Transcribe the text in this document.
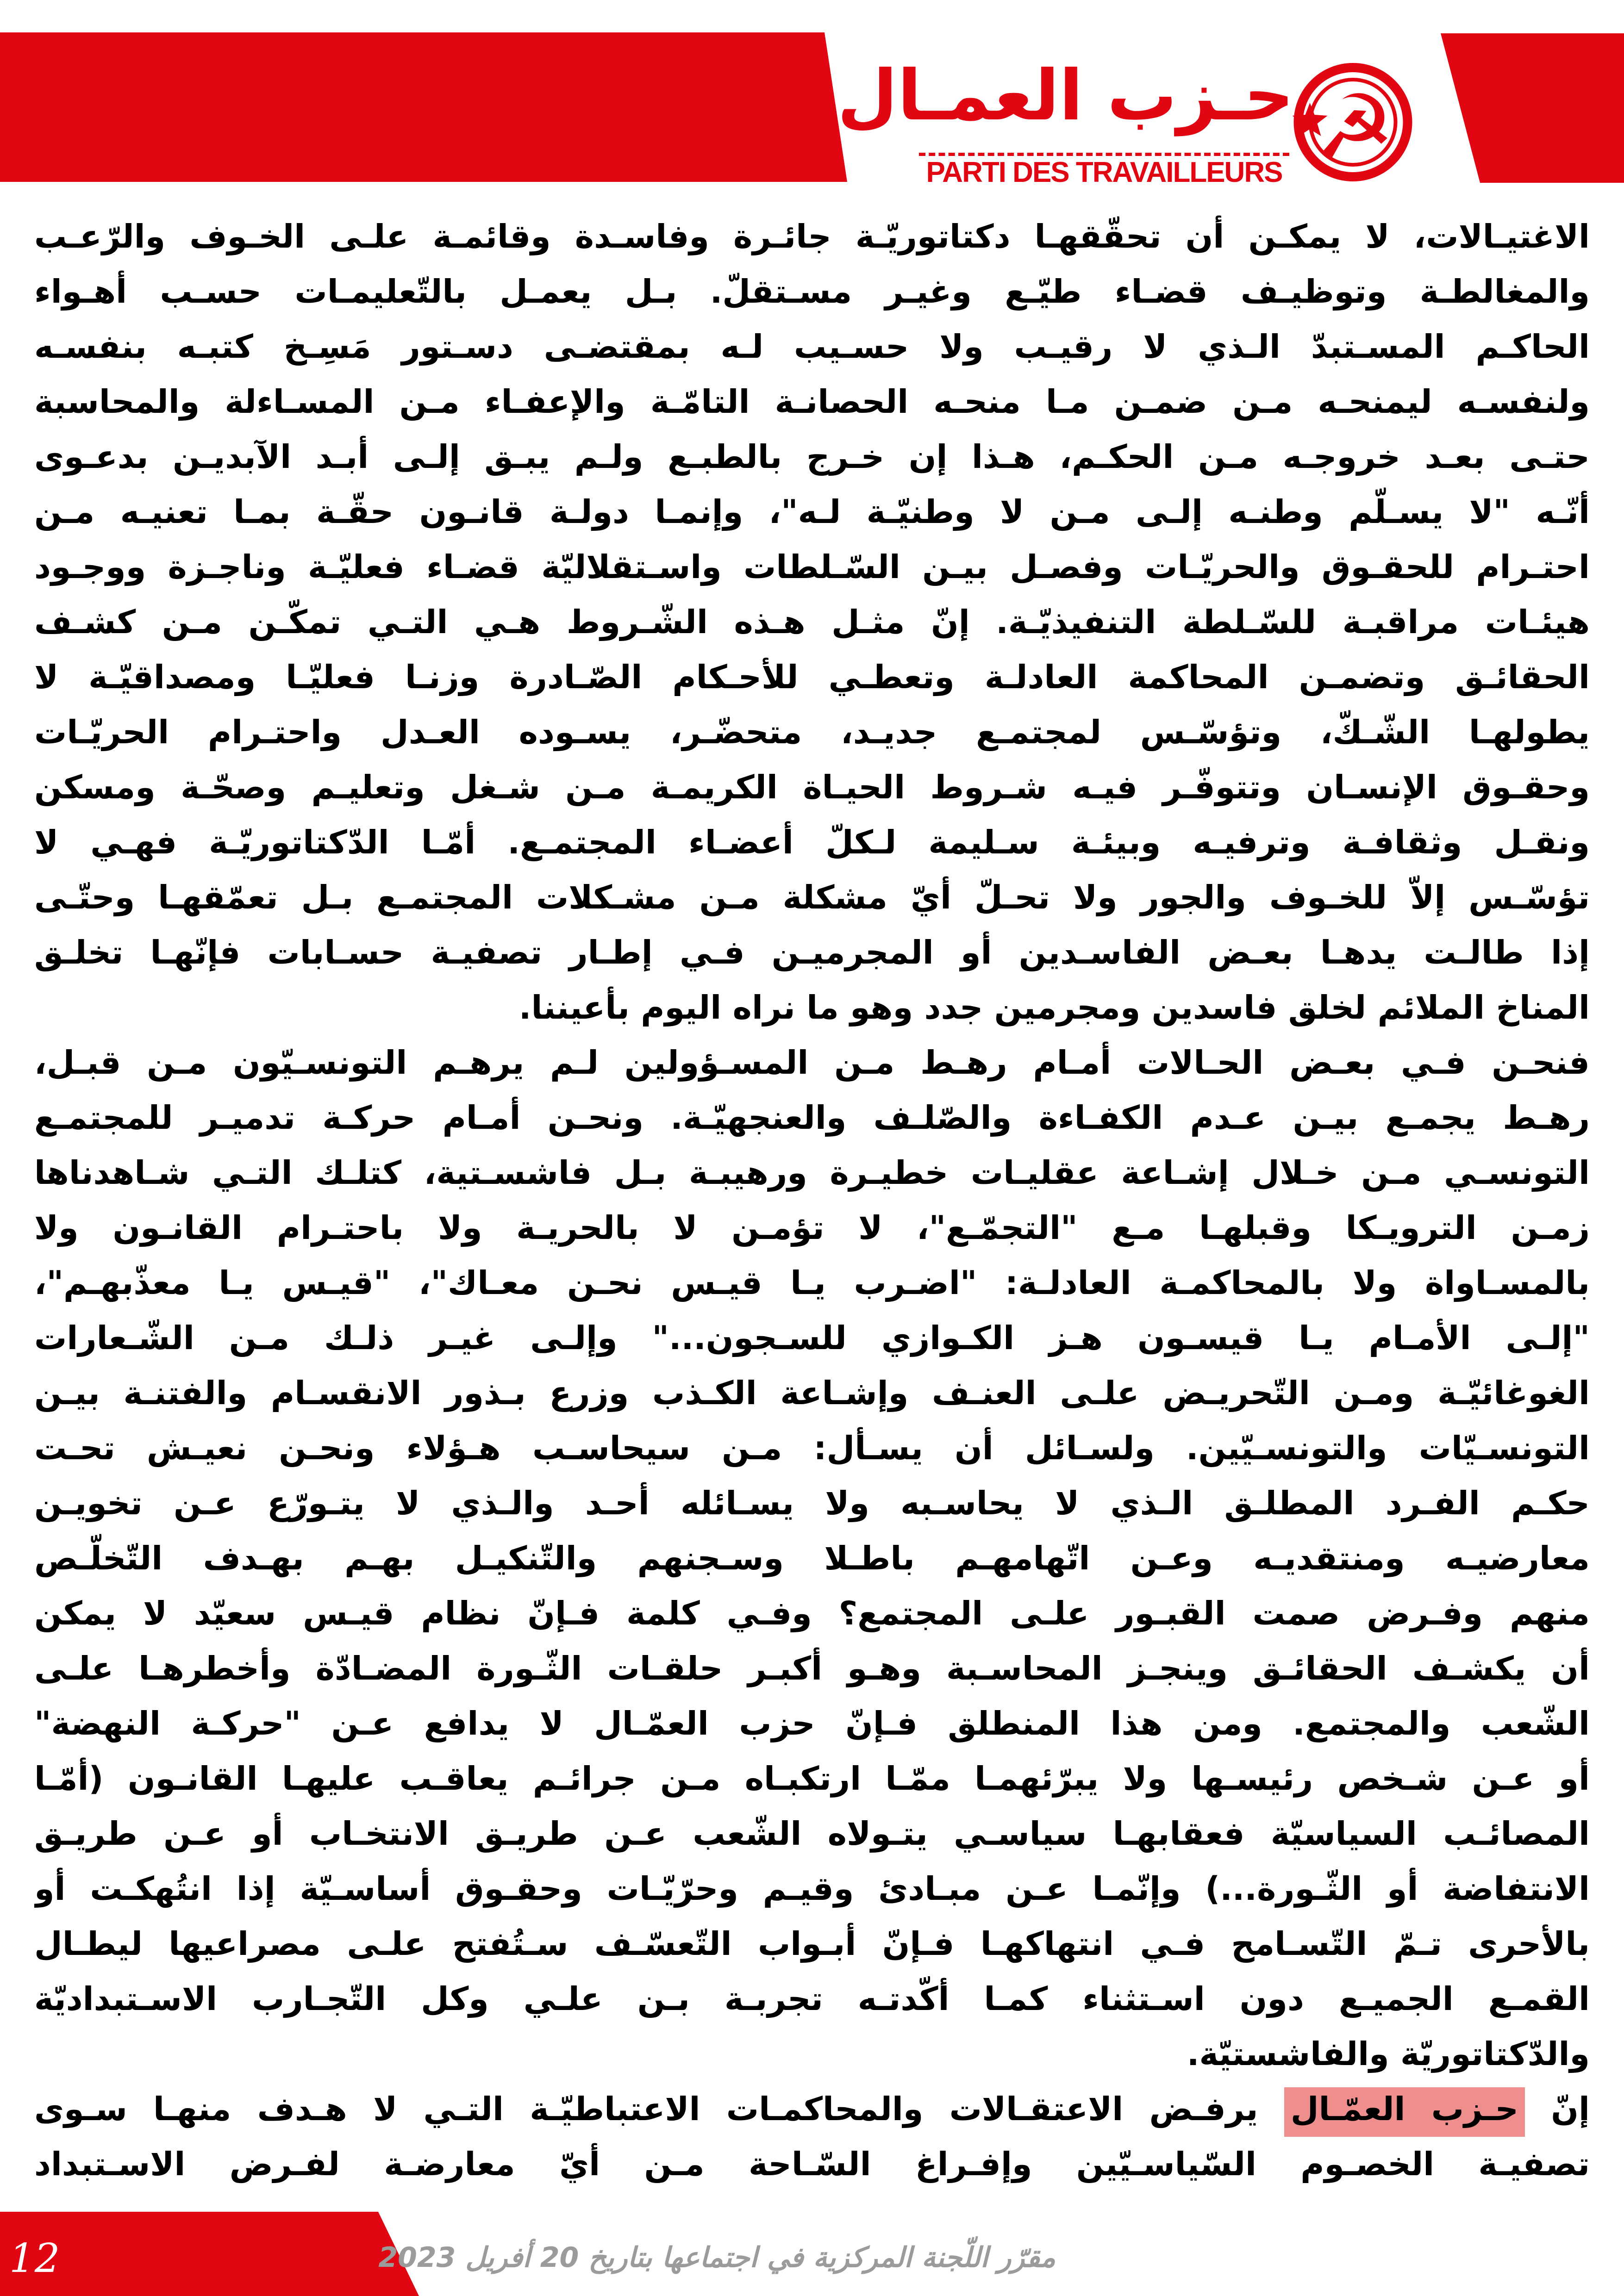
حـزب العمـال
PARTI DES TRAVAILLEURS ☭
الاغتيـالات، لا يمكـن أن تحقّقهـا دكتاتوريّـة جائـرة وفاسـدة وقائمـة علـى الخـوف والرّعـب
والمغالطـة وتوظيـف قضـاء طيّـع وغيـر مسـتقلّ. بـل يعمـل بالتّعليمـات حسـب أهـواء
الحاكـم المسـتبدّ الـذي لا رقيـب ولا حسـيب لـه بمقتضـى دسـتور مَسِـخ كتبـه بنفسـه
ولنفسـه ليمنحـه مـن ضمـن مـا منحـه الحصانـة التامّـة والإعفـاء مـن المسـاءلة والمحاسبة
حتـى بعـد خروجـه مـن الحكـم، هـذا إن خـرج بالطبـع ولـم يبـق إلـى أبـد الآبديـن بدعـوى
أنّـه "لا يسـلّم وطنـه إلـى مـن لا وطنيّـة لـه"، وإنمـا دولـة قانـون حقّـة بمـا تعنيـه مـن
احتـرام للحقـوق والحريّـات وفصـل بيـن السّـلطات واسـتقلاليّة قضـاء فعليّـة وناجـزة ووجـود
هيئـات مراقبـة للسّـلطة التنفيذيّـة. إنّ مثـل هـذه الشّـروط هـي التـي تمكّـن مـن كشـف
الحقائـق وتضمـن المحاكمة العادلـة وتعطـي للأحـكام الصّـادرة وزنـا فعليّـا ومصداقيّـة لا
يطولهـا الشّـكّ، وتؤسّـس لمجتمـع جديـد، متحضّـر، يسـوده العـدل واحتـرام الحريّـات
وحقـوق الإنسـان وتتوفّـر فيـه شـروط الحيـاة الكريمـة مـن شـغل وتعليـم وصحّـة ومسكن
ونقـل وثقافـة وترفيـه وبيئـة سـليمة لـكلّ أعضـاء المجتمـع. أمّـا الدّكتاتوريّـة فهـي لا
تؤسّـس إلاّ للخـوف والجور ولا تحـلّ أيّ مشكلة مـن مشـكلات المجتمـع بـل تعمّقهـا وحتّـى
إذا طالـت يدهـا بعـض الفاسـدين أو المجرميـن فـي إطـار تصفيـة حسـابات فإنّهـا تخلـق
المناخ الملائم لخلق فاسدين ومجرمين جدد وهو ما نراه اليوم بأعيننا.
فنحـن فـي بعـض الحـالات أمـام رهـط مـن المسـؤولين لـم يرهـم التونسـيّون مـن قبـل،
رهـط يجمـع بيـن عـدم الكفـاءة والصّلـف والعنجهيّـة. ونحـن أمـام حركـة تدميـر للمجتمـع
التونسـي مـن خـلال إشـاعة عقليـات خطيـرة ورهيبـة بـل فاشسـتية، كتلـك التـي شـاهدناها
زمـن الترويـكا وقبلهـا مـع "التجمّـع"، لا تؤمـن لا بالحريـة ولا باحتـرام القانـون ولا
بالمسـاواة ولا بالمحاكمـة العادلـة: "اضـرب يـا قيـس نحـن معـاك"، "قيـس يـا معذّبهـم"،
"إلـى الأمـام يـا قيسـون هـز الكـوازي للسـجون..." وإلـى غيـر ذلـك مـن الشّـعارات
الغوغائيّـة ومـن التّحريـض علـى العنـف وإشـاعة الكـذب وزرع بـذور الانقسـام والفتنـة بيـن
التونسـيّات والتونسـيّين. ولسـائل أن يسـأل: مـن سيحاسـب هـؤلاء ونحـن نعيـش تحـت
حكـم الفـرد المطلـق الـذي لا يحاسـبه ولا يسـائله أحـد والـذي لا يتـورّع عـن تخويـن
معارضيـه ومنتقديـه وعـن اتّهامهـم باطـلا وسـجنهم والتّنكيـل بهـم بهـدف التّخلّـص
منهم وفـرض صمت القبـور علـى المجتمع؟ وفـي كلمة فـإنّ نظام قيـس سعيّد لا يمكن
أن يكشـف الحقائـق وينجـز المحاسـبة وهـو أكبـر حلقـات الثّـورة المضـادّة وأخطرهـا علـى
الشّعب والمجتمع. ومن هذا المنطلق فـإنّ حزب العمّـال لا يدافع عـن "حركـة النهضة"
أو عـن شـخص رئيسـها ولا يبرّئهمـا ممّـا ارتكبـاه مـن جرائـم يعاقـب عليهـا القانـون (أمّـا
المصائـب السياسيّة فعقابهـا سياسـي يتـولاه الشّعب عـن طريـق الانتخـاب أو عـن طريـق
الانتفاضة أو الثّـورة...) وإنّمـا عـن مبـادئ وقيـم وحرّيّـات وحقـوق أساسـيّة إذا انتُهكـت أو
بالأحرى تـمّ التّسـامح فـي انتهاكهـا فـإنّ أبـواب التّعسّـف سـتُفتح علـى مصراعيها ليطـال
القمـع الجميـع دون اسـتثناء كمـا أكّدتـه تجربـة بـن علـي وكل التّجـارب الاسـتبداديّة
والدّكتاتوريّة والفاشستيّة.
إنّ حـزب العمّـال يرفـض الاعتقـالات والمحاكمـات الاعتباطيّـة التـي لا هـدف منهـا سـوى
تصفيـة الخصـوم السّياسـيّين وإفـراغ السّـاحة مـن أيّ معارضـة لفـرض الاسـتبداد
12	مقرّر اللّجنة المركزية في اجتماعها بتاريخ 20 أفريل 2023
